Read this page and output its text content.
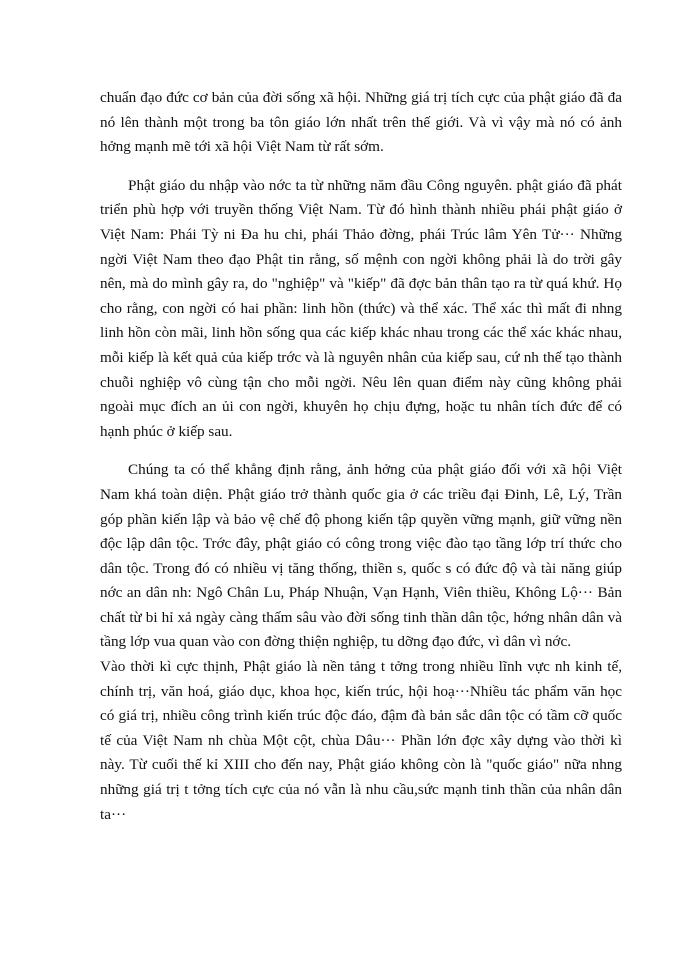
chuẩn đạo đức cơ bản của đời sống xã hội. Những giá trị tích cực của phật giáo đã đa nó lên thành một trong ba tôn giáo lớn nhất trên thế giới. Và vì vậy mà nó có ảnh hởng mạnh mẽ tới xã hội Việt Nam từ rất sớm.

Phật giáo du nhập vào nớc ta từ những năm đầu Công nguyên. phật giáo đã phát triển phù hợp với truyền thống Việt Nam. Từ đó hình thành nhiều phái phật giáo ở Việt Nam: Phái Tỳ ni Đa hu chi, phái Thảo đờng, phái Trúc lâm Yên Tử··· Những ngời Việt Nam theo đạo Phật tin rằng, số mệnh con ngời không phải là do trời gây nên, mà do mình gây ra, do "nghiệp" và "kiếp" đã đợc bản thân tạo ra từ quá khứ. Họ cho rằng, con ngời có hai phần: linh hồn (thức) và thể xác. Thể xác thì mất đi nhng linh hồn còn mãi, linh hồn sống qua các kiếp khác nhau trong các thể xác khác nhau, mỗi kiếp là kết quả của kiếp trớc và là nguyên nhân của kiếp sau, cứ nh thế tạo thành chuỗi nghiệp vô cùng tận cho mỗi ngời. Nêu lên quan điểm này cũng không phải ngoài mục đích an ủi con ngời, khuyên họ chịu đựng, hoặc tu nhân tích đức để có hạnh phúc ở kiếp sau.

Chúng ta có thể khẳng định rằng, ảnh hởng của phật giáo đối với xã hội Việt Nam khá toàn diện. Phật giáo trở thành quốc gia ở các triều đại Đinh, Lê, Lý, Trần góp phần kiến lập và bảo vệ chế độ phong kiến tập quyền vững mạnh, giữ vững nền độc lập dân tộc. Trớc đây, phật giáo có công trong việc đào tạo tầng lớp trí thức cho dân tộc. Trong đó có nhiều vị tăng thống, thiền s, quốc s có đức độ và tài năng giúp nớc an dân nh: Ngô Chân Lu, Pháp Nhuận, Vạn Hạnh, Viên thiều, Không Lộ··· Bản chất từ bi hỉ xả ngày càng thấm sâu vào đời sống tinh thần dân tộc, hớng nhân dân và tầng lớp vua quan vào con đờng thiện nghiệp, tu dỡng đạo đức, vì dân vì nớc.

Vào thời kì cực thịnh, Phật giáo là nền tảng t tởng trong nhiều lĩnh vực nh kinh tế, chính trị, văn hoá, giáo dục, khoa học, kiến trúc, hội hoạ···Nhiều tác phẩm văn học có giá trị, nhiều công trình kiến trúc độc đáo, đậm đà bản sắc dân tộc có tầm cỡ quốc tế của Việt Nam nh chùa Một cột, chùa Dâu··· Phần lớn đợc xây dựng vào thời kì này. Từ cuối thế kỉ XIII cho đến nay, Phật giáo không còn là "quốc giáo" nữa nhng những giá trị t tởng tích cực của nó vẫn là nhu cầu,sức mạnh tinh thần của nhân dân ta···
